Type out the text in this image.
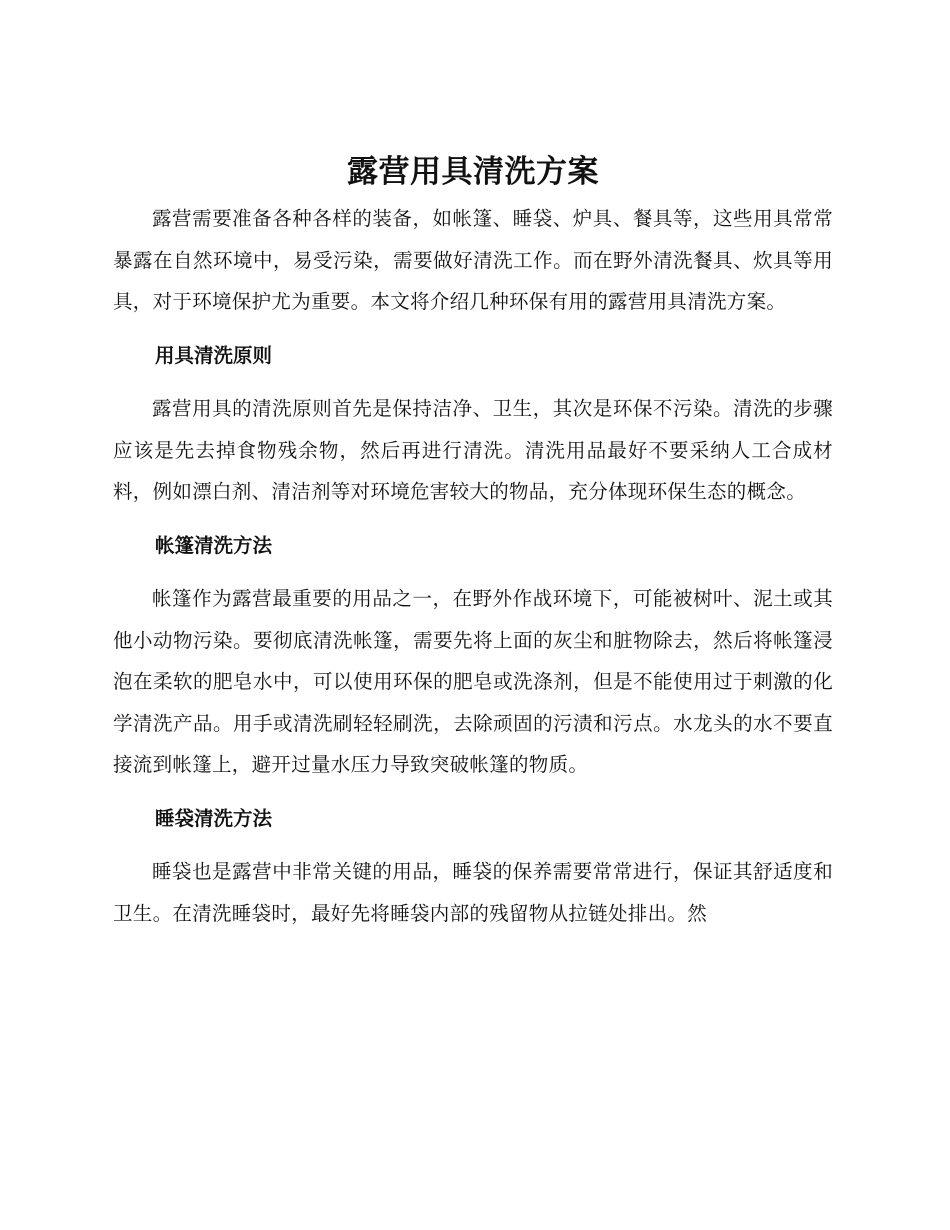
露营用具清洗方案

露营需要准备各种各样的装备，如帐篷、睡袋、炉具、餐具等，这些用具常常暴露在自然环境中，易受污染，需要做好清洗工作。而在野外清洗餐具、炊具等用具，对于环境保护尤为重要。本文将介绍几种环保有用的露营用具清洗方案。

用具清洗原则

露营用具的清洗原则首先是保持洁净、卫生，其次是环保不污染。清洗的步骤应该是先去掉食物残余物，然后再进行清洗。清洗用品最好不要采纳人工合成材料，例如漂白剂、清洁剂等对环境危害较大的物品，充分体现环保生态的概念。

帐篷清洗方法

帐篷作为露营最重要的用品之一，在野外作战环境下，可能被树叶、泥土或其他小动物污染。要彻底清洗帐篷，需要先将上面的灰尘和脏物除去，然后将帐篷浸泡在柔软的肥皂水中，可以使用环保的肥皂或洗涤剂，但是不能使用过于刺激的化学清洗产品。用手或清洗刷轻轻刷洗，去除顽固的污渍和污点。水龙头的水不要直接流到帐篷上，避开过量水压力导致突破帐篷的物质。

睡袋清洗方法

睡袋也是露营中非常关键的用品，睡袋的保养需要常常进行，保证其舒适度和卫生。在清洗睡袋时，最好先将睡袋内部的残留物从拉链处排出。然
